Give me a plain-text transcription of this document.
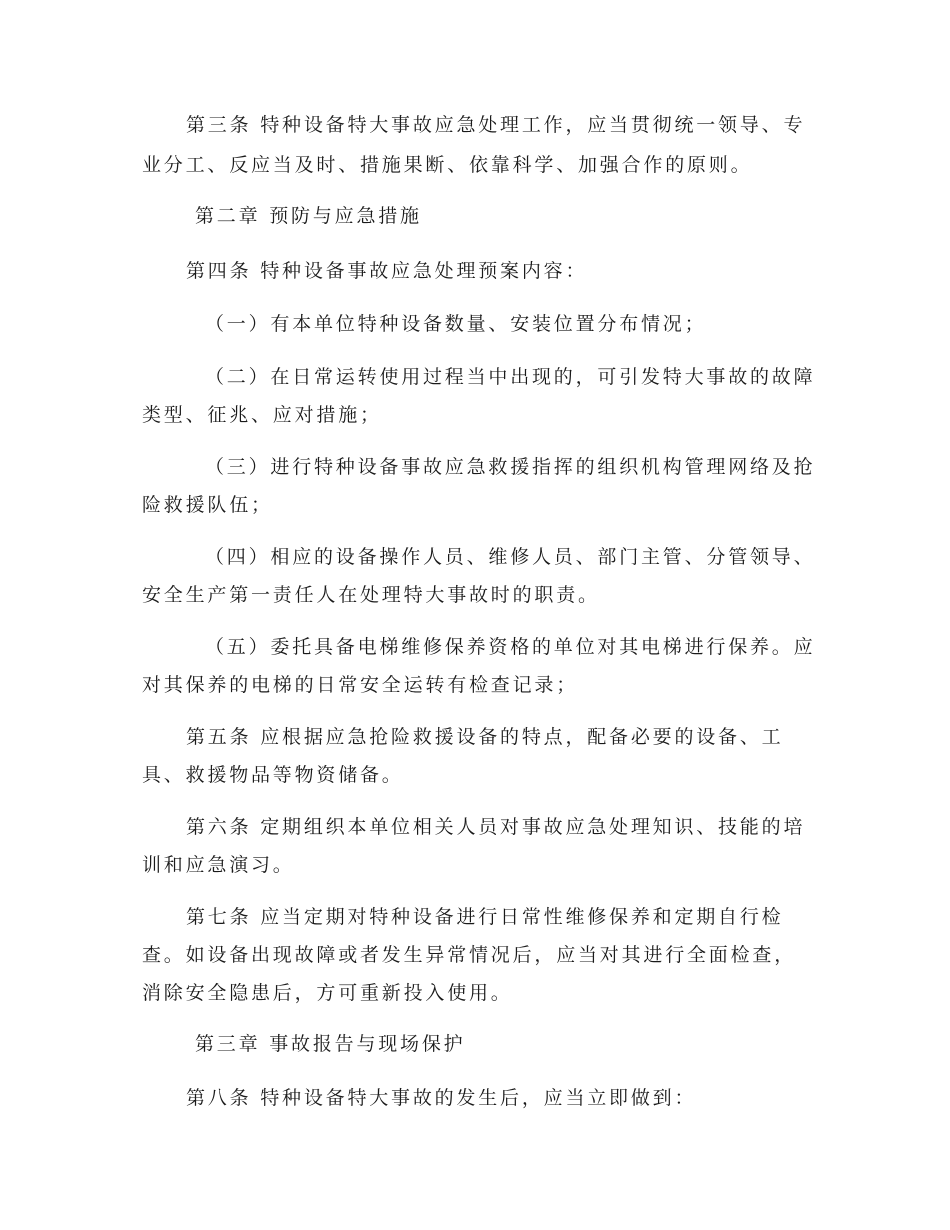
第三条 特种设备特大事故应急处理工作，应当贯彻统一领导、专
业分工、反应当及时、措施果断、依靠科学、加强合作的原则。
第二章 预防与应急措施
第四条 特种设备事故应急处理预案内容：
（一）有本单位特种设备数量、安装位置分布情况；
（二）在日常运转使用过程当中出现的，可引发特大事故的故障
类型、征兆、应对措施；
（三）进行特种设备事故应急救援指挥的组织机构管理网络及抢
险救援队伍；
（四）相应的设备操作人员、维修人员、部门主管、分管领导、
安全生产第一责任人在处理特大事故时的职责。
（五）委托具备电梯维修保养资格的单位对其电梯进行保养。应
对其保养的电梯的日常安全运转有检查记录；
第五条 应根据应急抢险救援设备的特点，配备必要的设备、工
具、救援物品等物资储备。
第六条 定期组织本单位相关人员对事故应急处理知识、技能的培
训和应急演习。
第七条 应当定期对特种设备进行日常性维修保养和定期自行检
查。如设备出现故障或者发生异常情况后，应当对其进行全面检查，
消除安全隐患后，方可重新投入使用。
第三章 事故报告与现场保护
第八条 特种设备特大事故的发生后，应当立即做到：
